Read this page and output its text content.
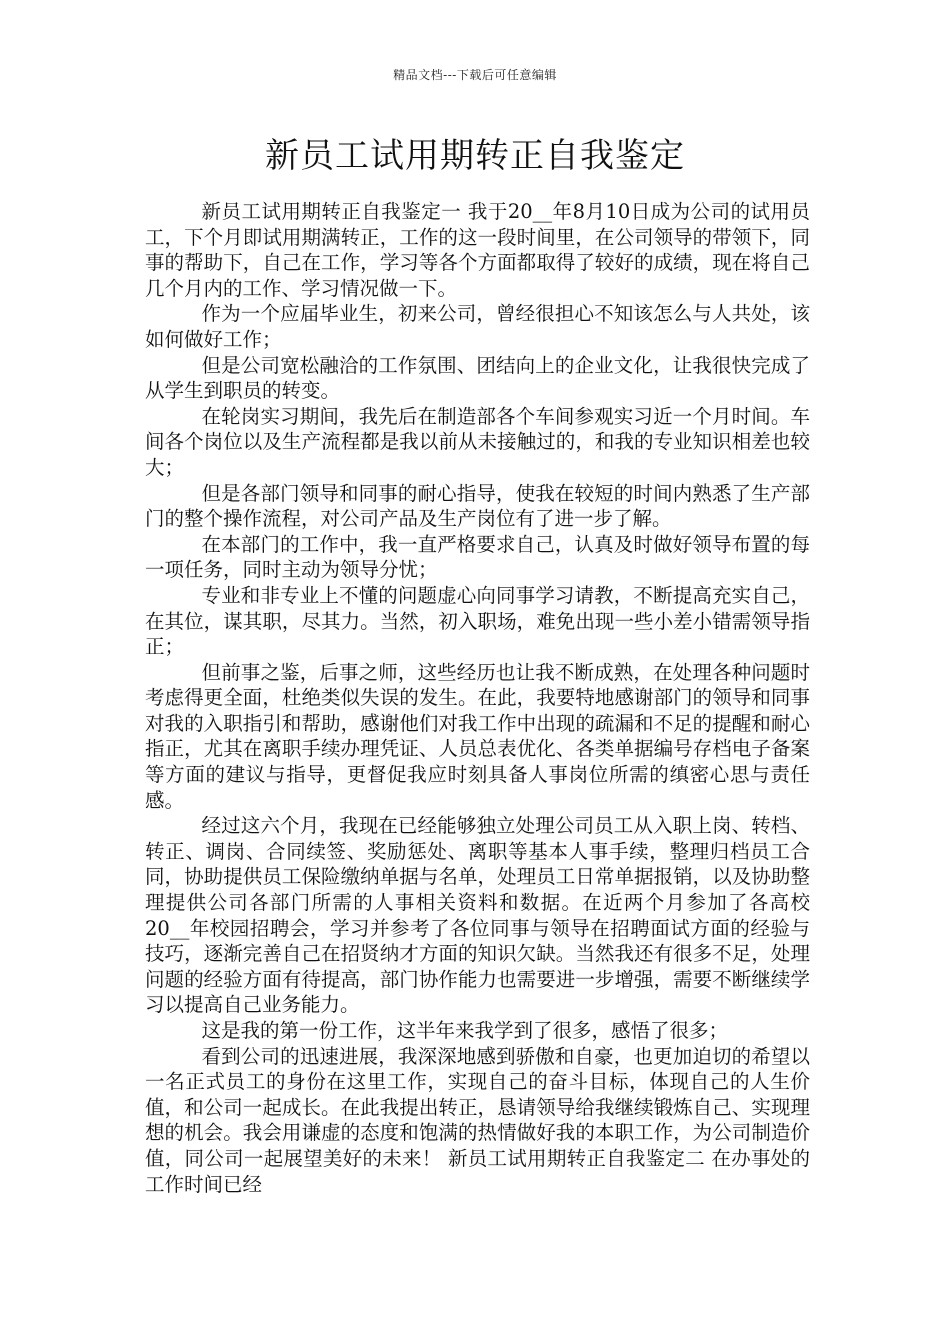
精品文档---下载后可任意编辑
新员工试用期转正自我鉴定

新员工试用期转正自我鉴定一 我于20__年8月10日成为公司的试用员工，下个月即试用期满转正，工作的这一段时间里，在公司领导的带领下，同事的帮助下，自己在工作，学习等各个方面都取得了较好的成绩，现在将自己几个月内的工作、学习情况做一下。

作为一个应届毕业生，初来公司，曾经很担心不知该怎么与人共处，该如何做好工作；

但是公司宽松融洽的工作氛围、团结向上的企业文化，让我很快完成了从学生到职员的转变。

在轮岗实习期间，我先后在制造部各个车间参观实习近一个月时间。车间各个岗位以及生产流程都是我以前从未接触过的，和我的专业知识相差也较大；

但是各部门领导和同事的耐心指导，使我在较短的时间内熟悉了生产部门的整个操作流程，对公司产品及生产岗位有了进一步了解。

在本部门的工作中，我一直严格要求自己，认真及时做好领导布置的每一项任务，同时主动为领导分忧；

专业和非专业上不懂的问题虚心向同事学习请教，不断提高充实自己，在其位，谋其职，尽其力。当然，初入职场，难免出现一些小差小错需领导指正；

但前事之鉴，后事之师，这些经历也让我不断成熟，在处理各种问题时考虑得更全面，杜绝类似失误的发生。在此，我要特地感谢部门的领导和同事对我的入职指引和帮助，感谢他们对我工作中出现的疏漏和不足的提醒和耐心指正，尤其在离职手续办理凭证、人员总表优化、各类单据编号存档电子备案等方面的建议与指导，更督促我应时刻具备人事岗位所需的缜密心思与责任感。

经过这六个月，我现在已经能够独立处理公司员工从入职上岗、转档、转正、调岗、合同续签、奖励惩处、离职等基本人事手续，整理归档员工合同，协助提供员工保险缴纳单据与名单，处理员工日常单据报销，以及协助整理提供公司各部门所需的人事相关资料和数据。在近两个月参加了各高校20__年校园招聘会，学习并参考了各位同事与领导在招聘面试方面的经验与技巧，逐渐完善自己在招贤纳才方面的知识欠缺。当然我还有很多不足，处理问题的经验方面有待提高，部门协作能力也需要进一步增强，需要不断继续学习以提高自己业务能力。

这是我的第一份工作，这半年来我学到了很多，感悟了很多；

看到公司的迅速进展，我深深地感到骄傲和自豪，也更加迫切的希望以一名正式员工的身份在这里工作，实现自己的奋斗目标，体现自己的人生价值，和公司一起成长。在此我提出转正，恳请领导给我继续锻炼自己、实现理想的机会。我会用谦虚的态度和饱满的热情做好我的本职工作，为公司制造价值，同公司一起展望美好的未来！ 新员工试用期转正自我鉴定二 在办事处的工作时间已经
